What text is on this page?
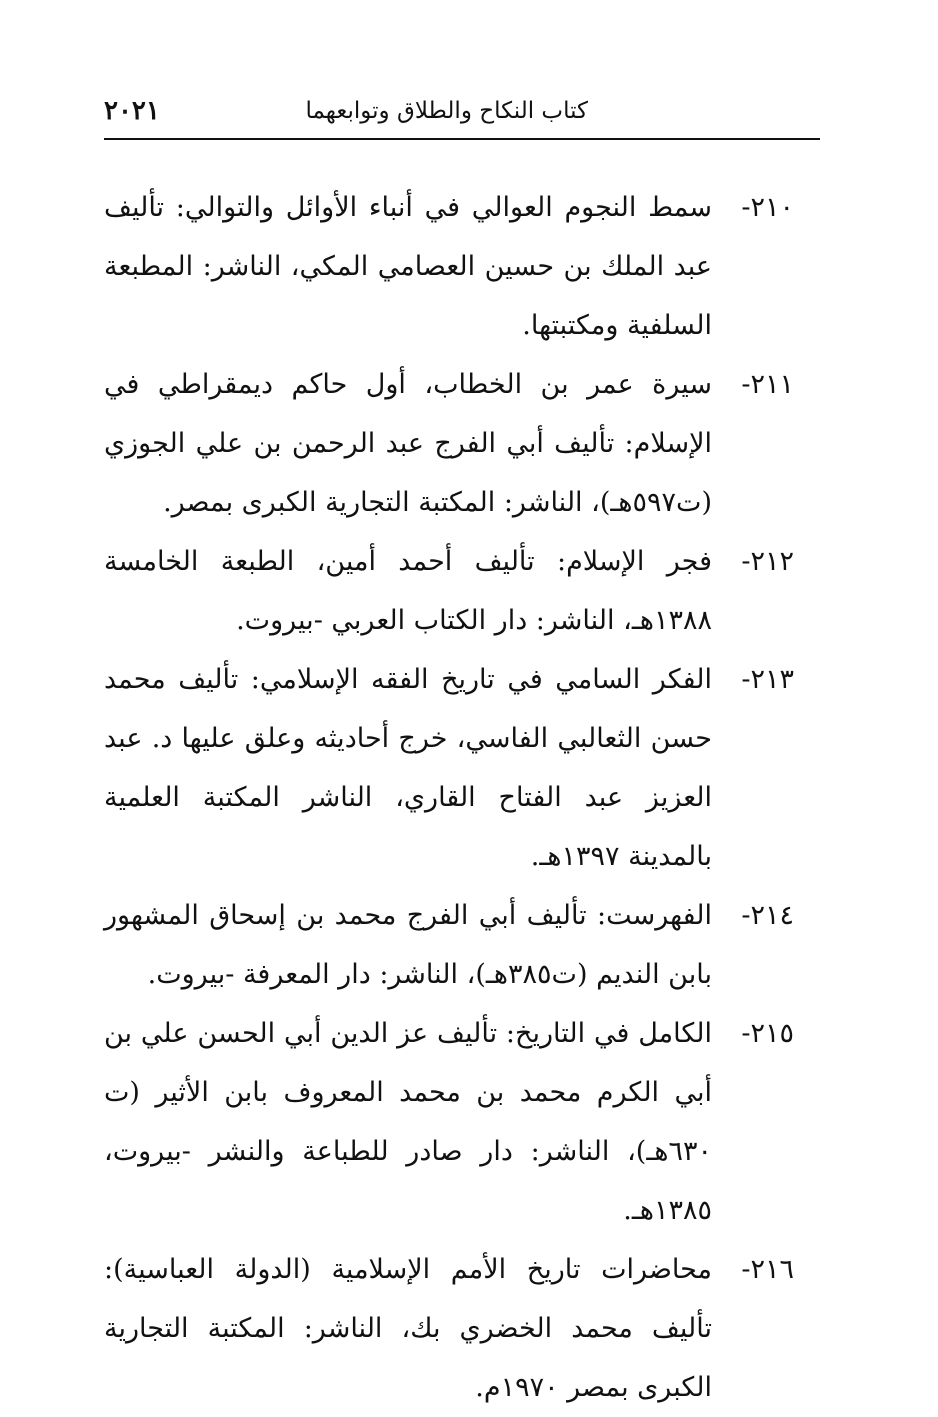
كتاب النكاح والطلاق وتوابعهما
٢٠٢١
٢١٠-
سمط النجوم العوالي في أنباء الأوائل والتوالي: تأليف عبد الملك بن حسين العصامي المكي، الناشر: المطبعة السلفية ومكتبتها.
٢١١-
سيرة عمر بن الخطاب، أول حاكم ديمقراطي في الإسلام: تأليف أبي الفرج عبد الرحمن بن علي الجوزي (ت٥٩٧هـ)، الناشر: المكتبة التجارية الكبرى بمصر.
٢١٢-
فجر الإسلام: تأليف أحمد أمين، الطبعة الخامسة ١٣٨٨هـ، الناشر: دار الكتاب العربي -بيروت.
٢١٣-
الفكر السامي في تاريخ الفقه الإسلامي: تأليف محمد حسن الثعالبي الفاسي، خرج أحاديثه وعلق عليها د. عبد العزيز عبد الفتاح القاري، الناشر المكتبة العلمية بالمدينة ١٣٩٧هـ.
٢١٤-
الفهرست: تأليف أبي الفرج محمد بن إسحاق المشهور بابن النديم (ت٣٨٥هـ)، الناشر: دار المعرفة -بيروت.
٢١٥-
الكامل في التاريخ: تأليف عز الدين أبي الحسن علي بن أبي الكرم محمد بن محمد المعروف بابن الأثير (ت ٦٣٠هـ)، الناشر: دار صادر للطباعة والنشر -بيروت، ١٣٨٥هـ.
٢١٦-
محاضرات تاريخ الأمم الإسلامية (الدولة العباسية): تأليف محمد الخضري بك، الناشر: المكتبة التجارية الكبرى بمصر ١٩٧٠م.
